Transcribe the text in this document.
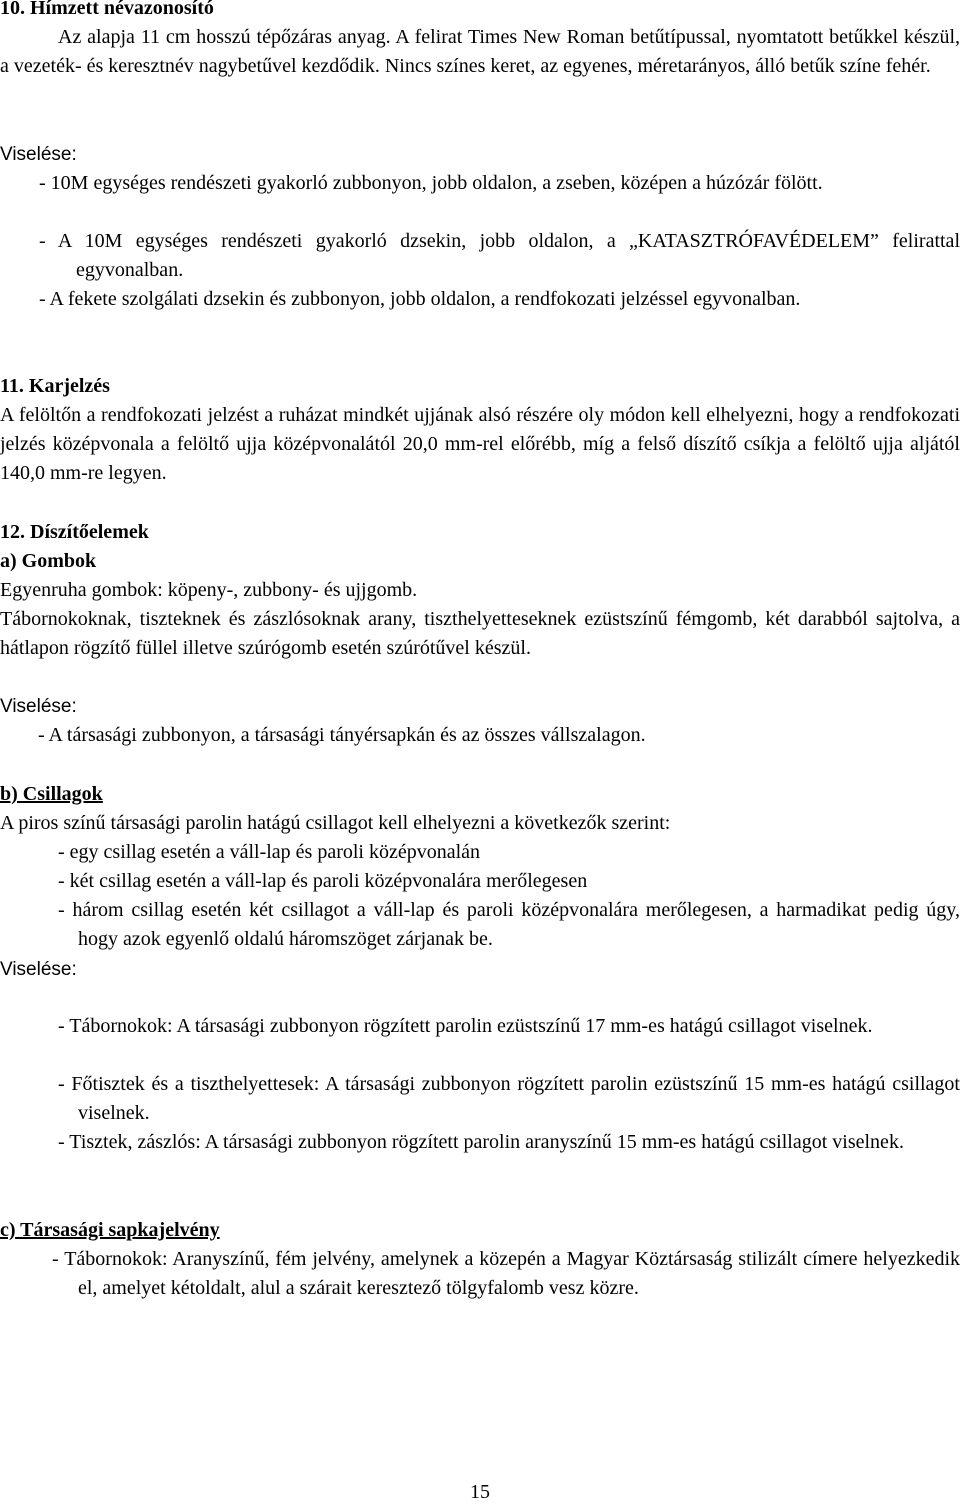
10. Hímzett névazonosító
Az alapja 11 cm hosszú tépőzáras anyag. A felirat Times New Roman betűtípussal, nyomtatott betűkkel készül, a vezeték- és keresztnév nagybetűvel kezdődik. Nincs színes keret, az egyenes, méretarányos, álló betűk színe fehér.
Viselése:
- 10M egységes rendészeti gyakorló zubbonyon, jobb oldalon, a zseben, középen a húzózár fölött.
- A 10M egységes rendészeti gyakorló dzsekin, jobb oldalon, a „KATASZTRÓFAVÉDELEM” felirattal egyvonalban.
- A fekete szolgálati dzsekin és zubbonyon, jobb oldalon, a rendfokozati jelzéssel egyvonalban.
11. Karjelzés
A felöltőn a rendfokozati jelzést a ruházat mindkét ujjának alsó részére oly módon kell elhelyezni, hogy a rendfokozati jelzés középvonala a felöltő ujja középvonalától 20,0 mm-rel előrébb, míg a felső díszítő csíkja a felöltő ujja aljától 140,0 mm-re legyen.
12. Díszítőelemek
a) Gombok
Egyenruha gombok: köpeny-, zubbony- és ujjgomb.
Tábornokoknak, tiszteknek és zászlósoknak arany, tiszthelyetteseknek ezüstszínű fémgomb, két darabból sajtolva, a hátlapon rögzítő füllel illetve szúrógomb esetén szúrótűvel készül.
Viselése:
- A társasági zubbonyon, a társasági tányérsapkán és az összes vállszalagon.
b) Csillagok
A piros színű társasági parolin hatágú csillagot kell elhelyezni a következők szerint:
- egy csillag esetén a váll-lap és paroli középvonalán
- két csillag esetén a váll-lap és paroli középvonalára merőlegesen
- három csillag esetén két csillagot a váll-lap és paroli középvonalára merőlegesen, a harmadikat pedig úgy, hogy azok egyenlő oldalú háromszöget zárjanak be.
Viselése:
- Tábornokok: A társasági zubbonyon rögzített parolin ezüstszínű 17 mm-es hatágú csillagot viselnek.
- Főtisztek és a tiszthelyettesek: A társasági zubbonyon rögzített parolin ezüstszínű 15 mm-es hatágú csillagot viselnek.
- Tisztek, zászlós: A társasági zubbonyon rögzített parolin aranyszínű 15 mm-es hatágú csillagot viselnek.
c) Társasági sapkajelvény
- Tábornokok: Aranyszínű, fém jelvény, amelynek a közepén a Magyar Köztársaság stilizált címere helyezkedik el, amelyet kétoldalt, alul a szárait keresztező tölgyfalomb vesz közre.
15
